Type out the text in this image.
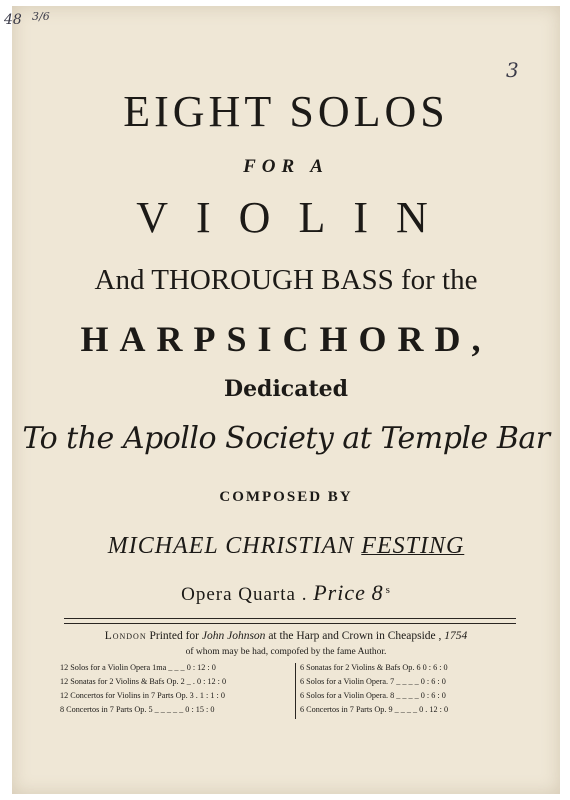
48 3/6
3
EIGHT SOLOS
FOR A
VIOLIN
And THOROUGH BASS for the
HARPSICHORD,
Dedicated
To the Apollo Society at Temple Bar
COMPOSED BY
MICHAEL CHRISTIAN FESTING
Opera Quarta . Price 8 $^s$
London Printed for John Johnson at the Harp and Crown in Cheapside , 1754
of whom may be had, compofed by the fame Author.
12 Solos for a Violin Opera 1ma _ _ _ 0 : 12 : 0
12 Sonatas for 2 Violins & Bafs Op. 2 _ . 0 : 12 : 0
12 Concertos for Violins in 7 Parts Op. 3 . 1 : 1 : 0
8 Concertos in 7 Parts Op. 5 _ _ _ _ _ 0 : 15 : 0
6 Sonatas for 2 Violins & Bafs Op. 6 0 : 6 : 0
6 Solos for a Violin Opera. 7 _ _ _ _ 0 : 6 : 0
6 Solos for a Violin Opera. 8 _ _ _ _ 0 : 6 : 0
6 Concertos in 7 Parts Op. 9 _ _ _ _ 0 . 12 : 0
